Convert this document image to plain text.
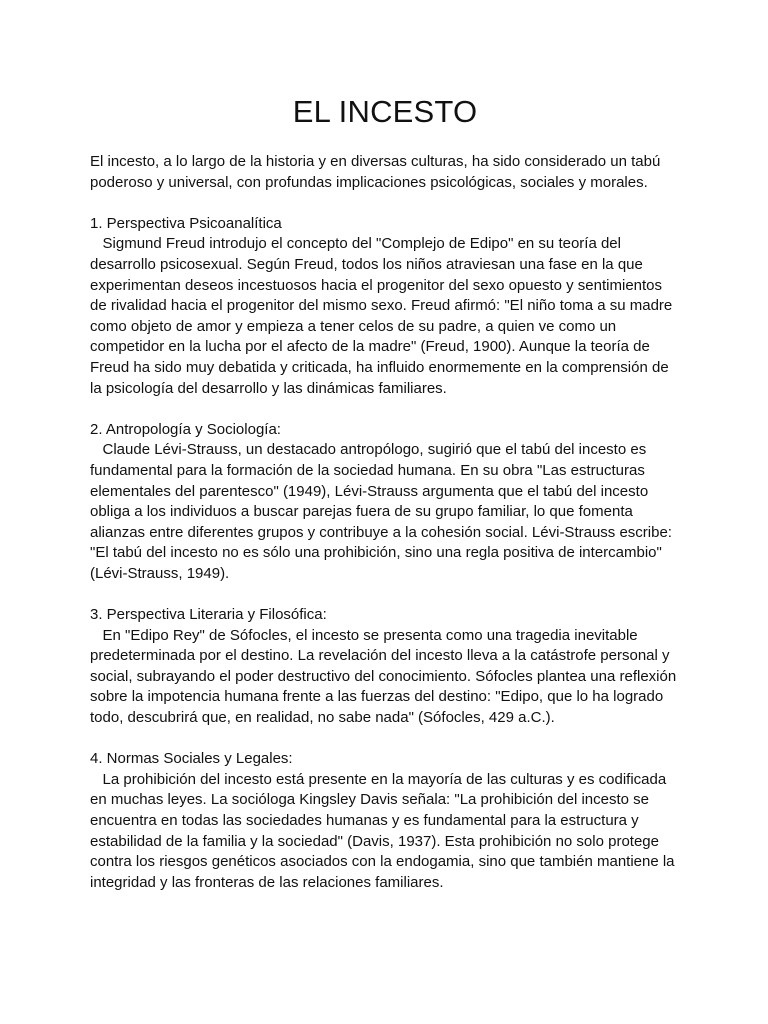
EL INCESTO

El incesto, a lo largo de la historia y en diversas culturas, ha sido considerado un tabú poderoso y universal, con profundas implicaciones psicológicas, sociales y morales.

1. Perspectiva Psicoanalítica

Sigmund Freud introdujo el concepto del "Complejo de Edipo" en su teoría del desarrollo psicosexual. Según Freud, todos los niños atraviesan una fase en la que experimentan deseos incestuosos hacia el progenitor del sexo opuesto y sentimientos de rivalidad hacia el progenitor del mismo sexo. Freud afirmó: "El niño toma a su madre como objeto de amor y empieza a tener celos de su padre, a quien ve como un competidor en la lucha por el afecto de la madre" (Freud, 1900). Aunque la teoría de Freud ha sido muy debatida y criticada, ha influido enormemente en la comprensión de la psicología del desarrollo y las dinámicas familiares.

2. Antropología y Sociología:

Claude Lévi-Strauss, un destacado antropólogo, sugirió que el tabú del incesto es fundamental para la formación de la sociedad humana. En su obra "Las estructuras elementales del parentesco" (1949), Lévi-Strauss argumenta que el tabú del incesto obliga a los individuos a buscar parejas fuera de su grupo familiar, lo que fomenta alianzas entre diferentes grupos y contribuye a la cohesión social. Lévi-Strauss escribe: "El tabú del incesto no es sólo una prohibición, sino una regla positiva de intercambio" (Lévi-Strauss, 1949).

3. Perspectiva Literaria y Filosófica:

En "Edipo Rey" de Sófocles, el incesto se presenta como una tragedia inevitable predeterminada por el destino. La revelación del incesto lleva a la catástrofe personal y social, subrayando el poder destructivo del conocimiento. Sófocles plantea una reflexión sobre la impotencia humana frente a las fuerzas del destino: "Edipo, que lo ha logrado todo, descubrirá que, en realidad, no sabe nada" (Sófocles, 429 a.C.).

4. Normas Sociales y Legales:

La prohibición del incesto está presente en la mayoría de las culturas y es codificada en muchas leyes. La socióloga Kingsley Davis señala: "La prohibición del incesto se encuentra en todas las sociedades humanas y es fundamental para la estructura y estabilidad de la familia y la sociedad" (Davis, 1937). Esta prohibición no solo protege contra los riesgos genéticos asociados con la endogamia, sino que también mantiene la integridad y las fronteras de las relaciones familiares.
